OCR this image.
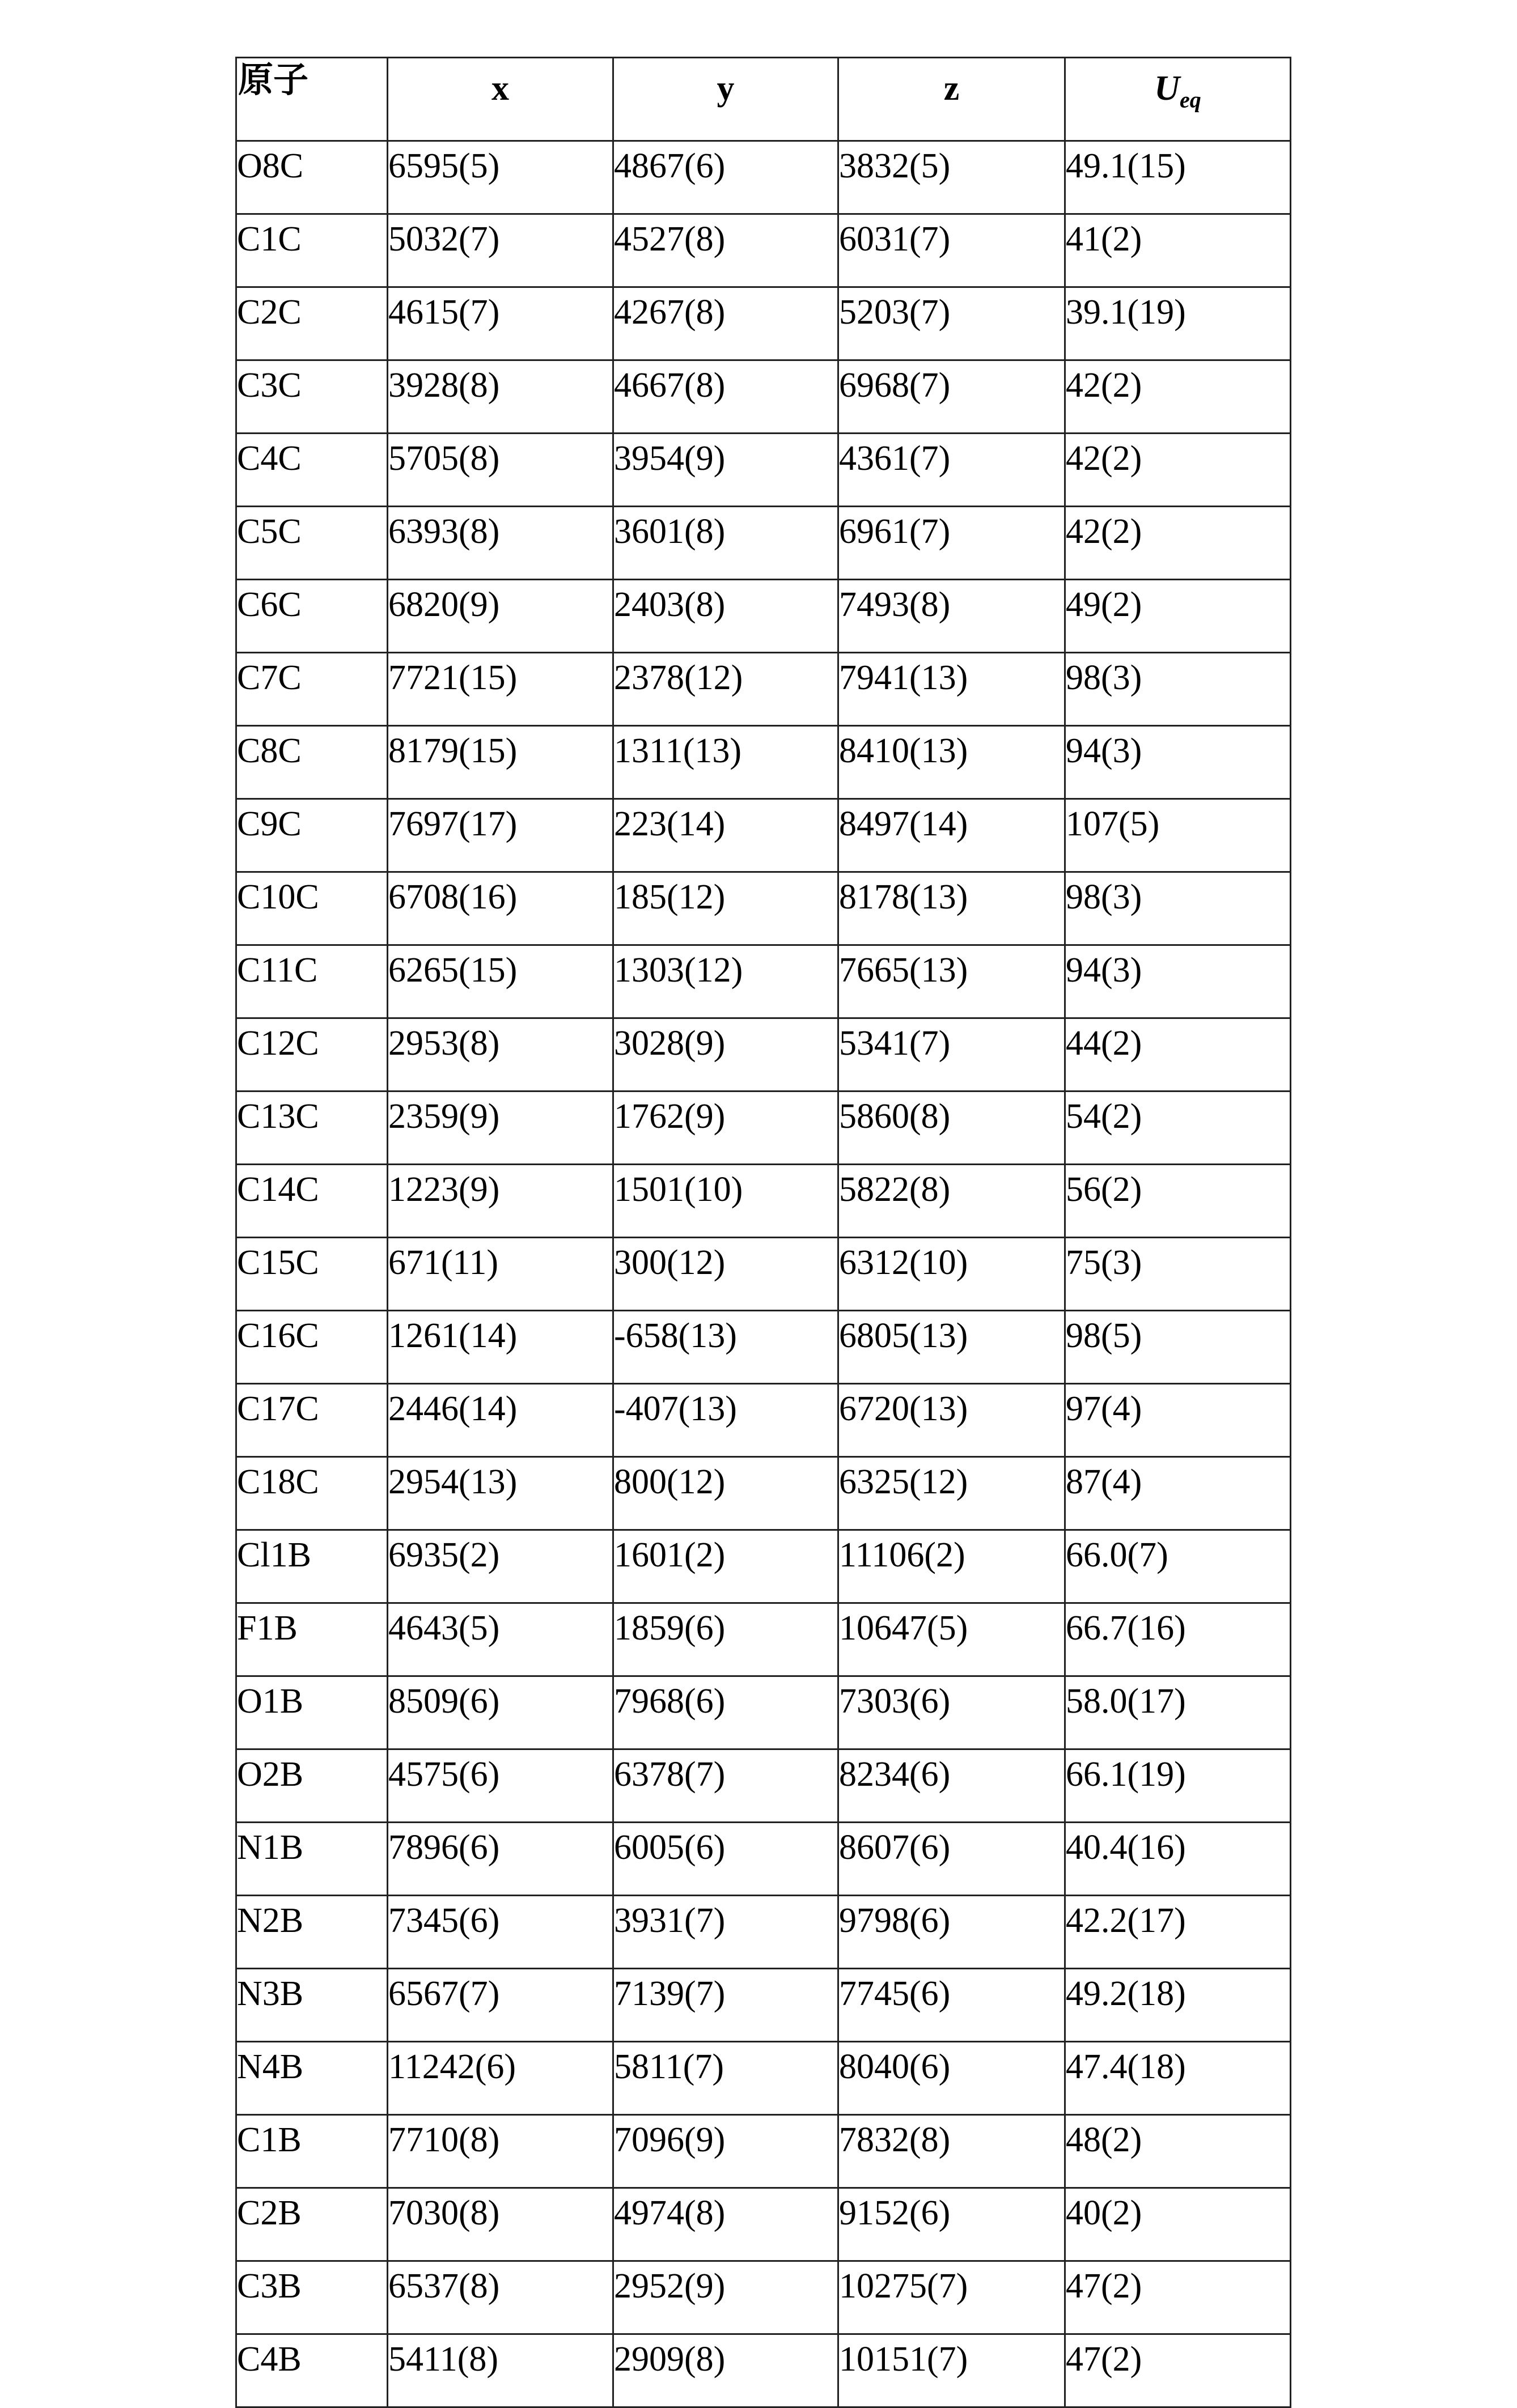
原子	x	y	z	Ueq
O8C	6595(5)	4867(6)	3832(5)	49.1(15)
C1C	5032(7)	4527(8)	6031(7)	41(2)
C2C	4615(7)	4267(8)	5203(7)	39.1(19)
C3C	3928(8)	4667(8)	6968(7)	42(2)
C4C	5705(8)	3954(9)	4361(7)	42(2)
C5C	6393(8)	3601(8)	6961(7)	42(2)
C6C	6820(9)	2403(8)	7493(8)	49(2)
C7C	7721(15)	2378(12)	7941(13)	98(3)
C8C	8179(15)	1311(13)	8410(13)	94(3)
C9C	7697(17)	223(14)	8497(14)	107(5)
C10C	6708(16)	185(12)	8178(13)	98(3)
C11C	6265(15)	1303(12)	7665(13)	94(3)
C12C	2953(8)	3028(9)	5341(7)	44(2)
C13C	2359(9)	1762(9)	5860(8)	54(2)
C14C	1223(9)	1501(10)	5822(8)	56(2)
C15C	671(11)	300(12)	6312(10)	75(3)
C16C	1261(14)	-658(13)	6805(13)	98(5)
C17C	2446(14)	-407(13)	6720(13)	97(4)
C18C	2954(13)	800(12)	6325(12)	87(4)
Cl1B	6935(2)	1601(2)	11106(2)	66.0(7)
F1B	4643(5)	1859(6)	10647(5)	66.7(16)
O1B	8509(6)	7968(6)	7303(6)	58.0(17)
O2B	4575(6)	6378(7)	8234(6)	66.1(19)
N1B	7896(6)	6005(6)	8607(6)	40.4(16)
N2B	7345(6)	3931(7)	9798(6)	42.2(17)
N3B	6567(7)	7139(7)	7745(6)	49.2(18)
N4B	11242(6)	5811(7)	8040(6)	47.4(18)
C1B	7710(8)	7096(9)	7832(8)	48(2)
C2B	7030(8)	4974(8)	9152(6)	40(2)
C3B	6537(8)	2952(9)	10275(7)	47(2)
C4B	5411(8)	2909(8)	10151(7)	47(2)
